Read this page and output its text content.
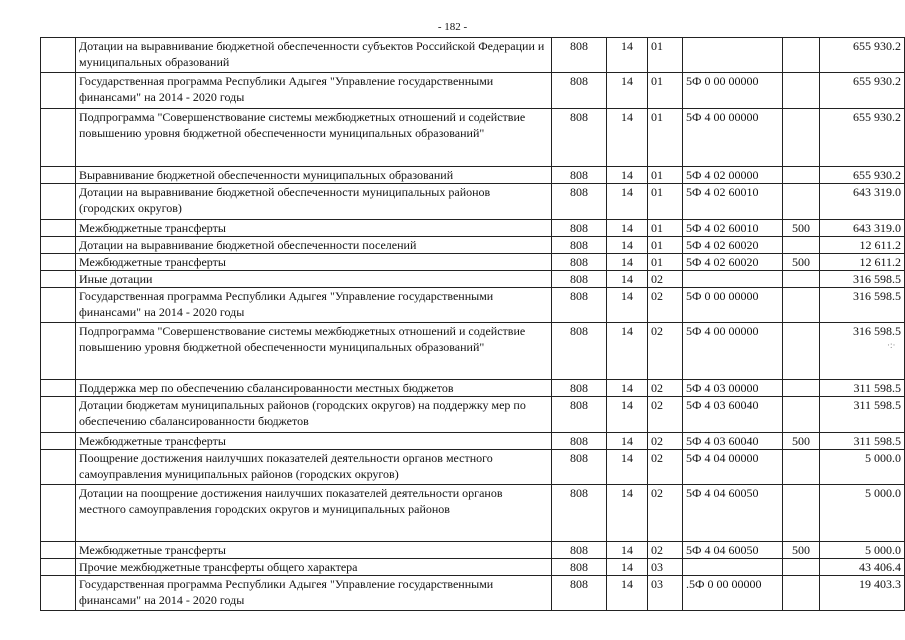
- 182 -
	Дотации на выравнивание бюджетной обеспеченности субъектов Российской Федерации и муниципальных образований	808	14	01			655 930.2
	Государственная программа Республики Адыгея "Управление государственными финансами" на 2014 - 2020 годы	808	14	01	5Ф 0 00 00000		655 930.2
	Подпрограмма "Совершенствование системы межбюджетных отношений и содействие повышению уровня бюджетной обеспеченности муниципальных образований"	808	14	01	5Ф 4 00 00000		655 930.2
	Выравнивание бюджетной обеспеченности муниципальных образований	808	14	01	5Ф 4 02 00000		655 930.2
	Дотации на выравнивание бюджетной обеспеченности муниципальных районов (городских округов)	808	14	01	5Ф 4 02 60010		643 319.0
	Межбюджетные трансферты	808	14	01	5Ф 4 02 60010	500	643 319.0
	Дотации на выравнивание бюджетной обеспеченности поселений	808	14	01	5Ф 4 02 60020		12 611.2
	Межбюджетные трансферты	808	14	01	5Ф 4 02 60020	500	12 611.2
	Иные дотации	808	14	02			316 598.5
	Государственная программа Республики Адыгея "Управление государственными финансами" на 2014 - 2020 годы	808	14	02	5Ф 0 00 00000		316 598.5
	Подпрограмма "Совершенствование системы межбюджетных отношений и содействие повышению уровня бюджетной обеспеченности муниципальных образований"	808	14	02	5Ф 4 00 00000		316 598.5
	Поддержка мер по обеспечению сбалансированности местных бюджетов	808	14	02	5Ф 4 03 00000		311 598.5
	Дотации бюджетам муниципальных районов (городских округов) на поддержку мер по обеспечению сбалансированности бюджетов	808	14	02	5Ф 4 03 60040		311 598.5
	Межбюджетные трансферты	808	14	02	5Ф 4 03 60040	500	311 598.5
	Поощрение достижения наилучших показателей деятельности органов местного самоуправления муниципальных районов (городских округов)	808	14	02	5Ф 4 04 00000		5 000.0
	Дотации на поощрение достижения наилучших показателей деятельности органов местного самоуправления городских округов и муниципальных районов	808	14	02	5Ф 4 04 60050		5 000.0
	Межбюджетные трансферты	808	14	02	5Ф 4 04 60050	500	5 000.0
	Прочие межбюджетные трансферты общего характера	808	14	03			43 406.4
	Государственная программа Республики Адыгея "Управление государственными финансами" на 2014 - 2020 годы	808	14	03	.5Ф 0 00 00000		19 403.3
·:·
